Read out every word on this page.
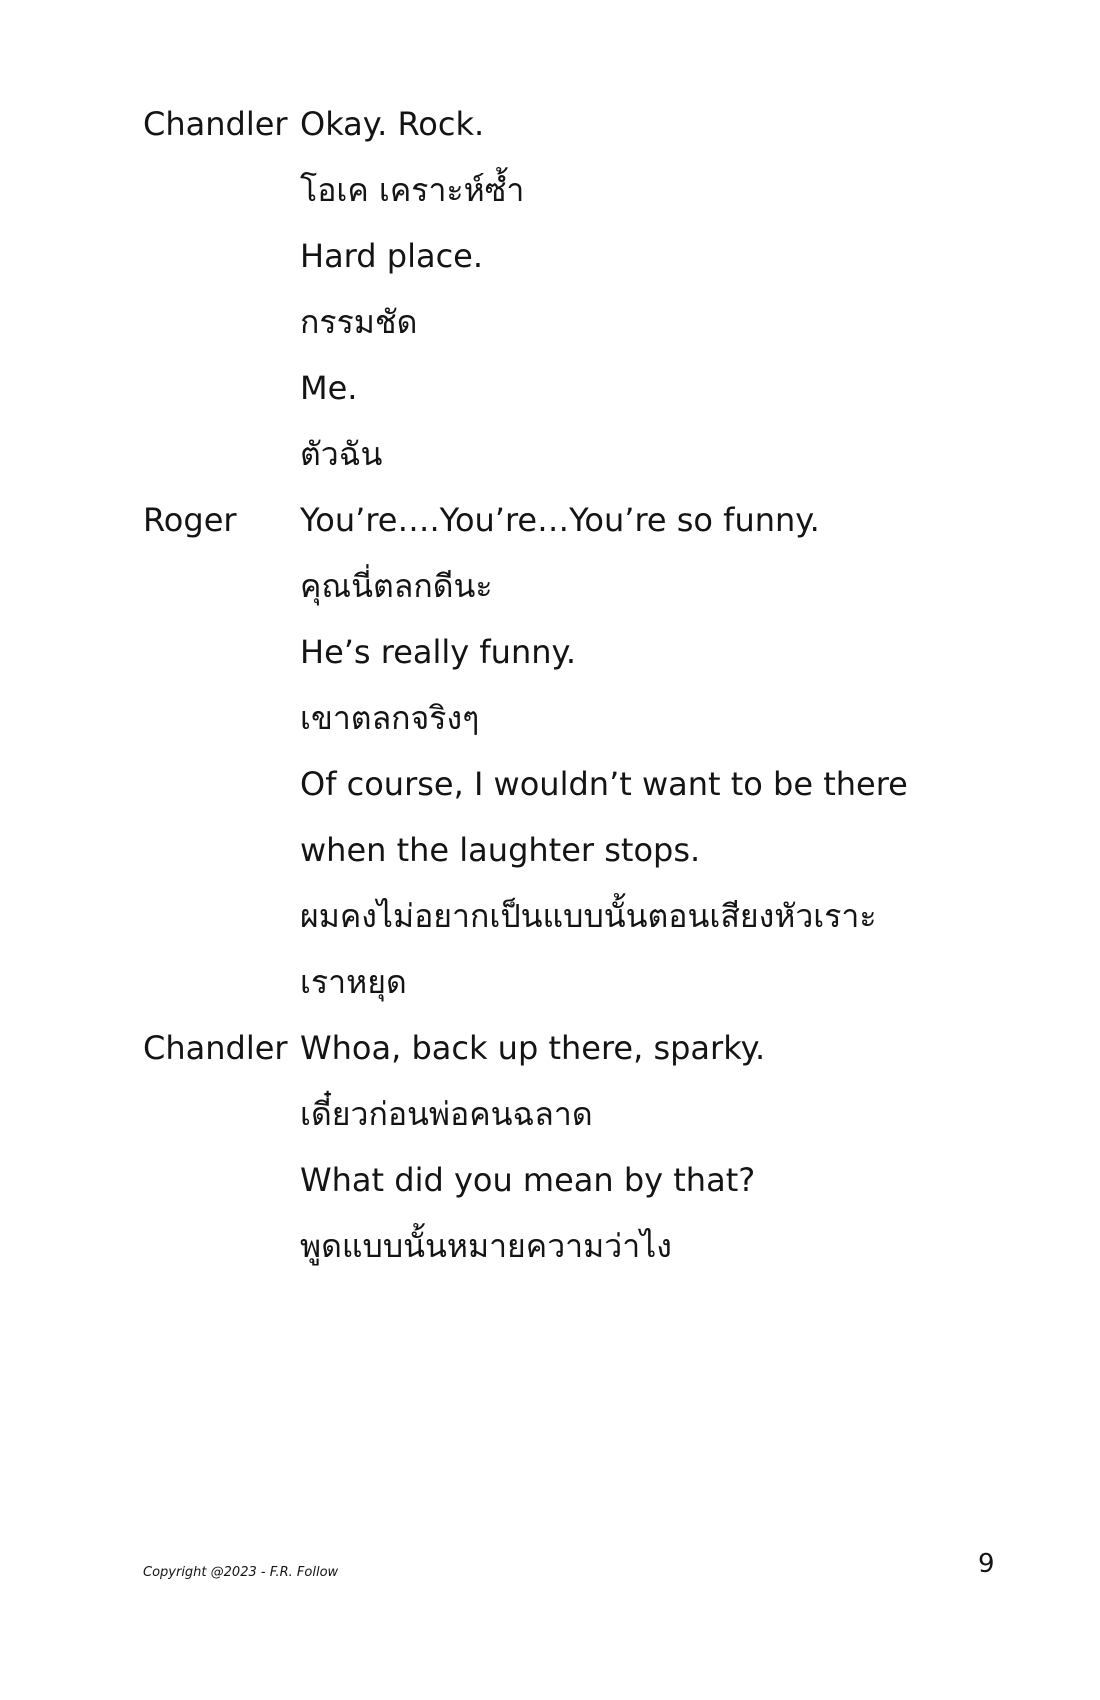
Chandler Okay. Rock.
โอเค เคราะห์ซ้ำ
Hard place.
กรรมชัด
Me.
ตัวฉัน
Roger You’re….You’re…You’re so funny.
คุณนี่ตลกดีนะ
He’s really funny.
เขาตลกจริงๆ
Of course, I wouldn’t want to be there
when the laughter stops.
ผมคงไม่อยากเป็นแบบนั้นตอนเสียงหัวเราะ
เราหยุด
Chandler Whoa, back up there, sparky.
เดี๋ยวก่อนพ่อคนฉลาด
What did you mean by that?
พูดแบบนั้นหมายความว่าไง
Copyright @2023 - F.R. Follow	9
